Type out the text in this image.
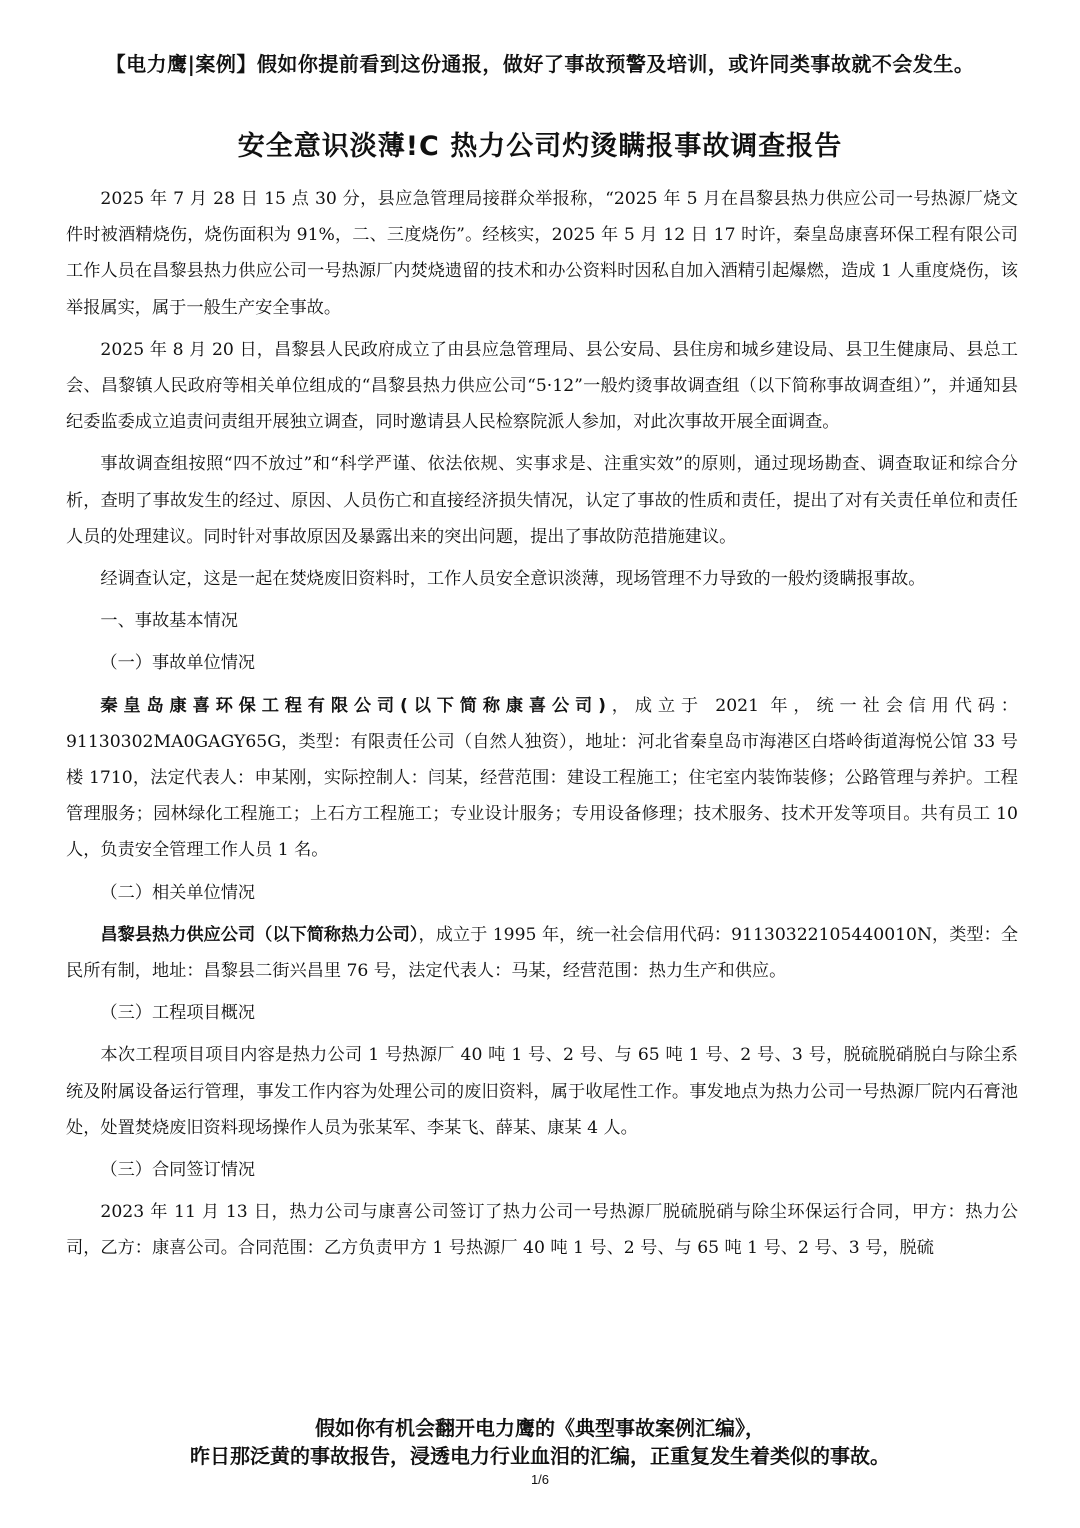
【电力鹰|案例】假如你提前看到这份通报，做好了事故预警及培训，或许同类事故就不会发生。
安全意识淡薄!C 热力公司灼烫瞒报事故调查报告

2025 年 7 月 28 日 15 点 30 分，县应急管理局接群众举报称，“2025 年 5 月在昌黎县热力供应公司一号热源厂烧文件时被酒精烧伤，烧伤面积为 91%，二、三度烧伤”。经核实，2025 年 5 月 12 日 17 时许，秦皇岛康喜环保工程有限公司工作人员在昌黎县热力供应公司一号热源厂内焚烧遗留的技术和办公资料时因私自加入酒精引起爆燃，造成 1 人重度烧伤，该举报属实，属于一般生产安全事故。

2025 年 8 月 20 日，昌黎县人民政府成立了由县应急管理局、县公安局、县住房和城乡建设局、县卫生健康局、县总工会、昌黎镇人民政府等相关单位组成的“昌黎县热力供应公司“5·12”一般灼烫事故调查组（以下简称事故调查组）”，并通知县纪委监委成立追责问责组开展独立调查，同时邀请县人民检察院派人参加，对此次事故开展全面调查。

事故调查组按照“四不放过”和“科学严谨、依法依规、实事求是、注重实效”的原则，通过现场勘查、调查取证和综合分析，查明了事故发生的经过、原因、人员伤亡和直接经济损失情况，认定了事故的性质和责任，提出了对有关责任单位和责任人员的处理建议。同时针对事故原因及暴露出来的突出问题，提出了事故防范措施建议。

经调查认定，这是一起在焚烧废旧资料时，工作人员安全意识淡薄，现场管理不力导致的一般灼烫瞒报事故。

一、事故基本情况

（一）事故单位情况

秦皇岛康喜环保工程有限公司(以下简称康喜公司)，成立于 2021 年，统一社会信用代码：91130302MA0GAGY65G，类型：有限责任公司（自然人独资），地址：河北省秦皇岛市海港区白塔岭街道海悦公馆 33 号楼 1710，法定代表人：申某刚，实际控制人：闫某，经营范围：建设工程施工；住宅室内装饰装修；公路管理与养护。工程管理服务；园林绿化工程施工；上石方工程施工；专业设计服务；专用设备修理；技术服务、技术开发等项目。共有员工 10 人，负责安全管理工作人员 1 名。

（二）相关单位情况

昌黎县热力供应公司（以下简称热力公司），成立于 1995 年，统一社会信用代码：91130322105440010N，类型：全民所有制，地址：昌黎县二街兴昌里 76 号，法定代表人：马某，经营范围：热力生产和供应。

（三）工程项目概况

本次工程项目项目内容是热力公司 1 号热源厂 40 吨 1 号、2 号、与 65 吨 1 号、2 号、3 号，脱硫脱硝脱白与除尘系统及附属设备运行管理，事发工作内容为处理公司的废旧资料，属于收尾性工作。事发地点为热力公司一号热源厂院内石膏池处，处置焚烧废旧资料现场操作人员为张某军、李某飞、薛某、康某 4 人。

（三）合同签订情况

2023 年 11 月 13 日，热力公司与康喜公司签订了热力公司一号热源厂脱硫脱硝与除尘环保运行合同，甲方：热力公司，乙方：康喜公司。合同范围：乙方负责甲方 1 号热源厂 40 吨 1 号、2 号、与 65 吨 1 号、2 号、3 号，脱硫

假如你有机会翻开电力鹰的《典型事故案例汇编》，
昨日那泛黄的事故报告，浸透电力行业血泪的汇编，正重复发生着类似的事故。
1/6
